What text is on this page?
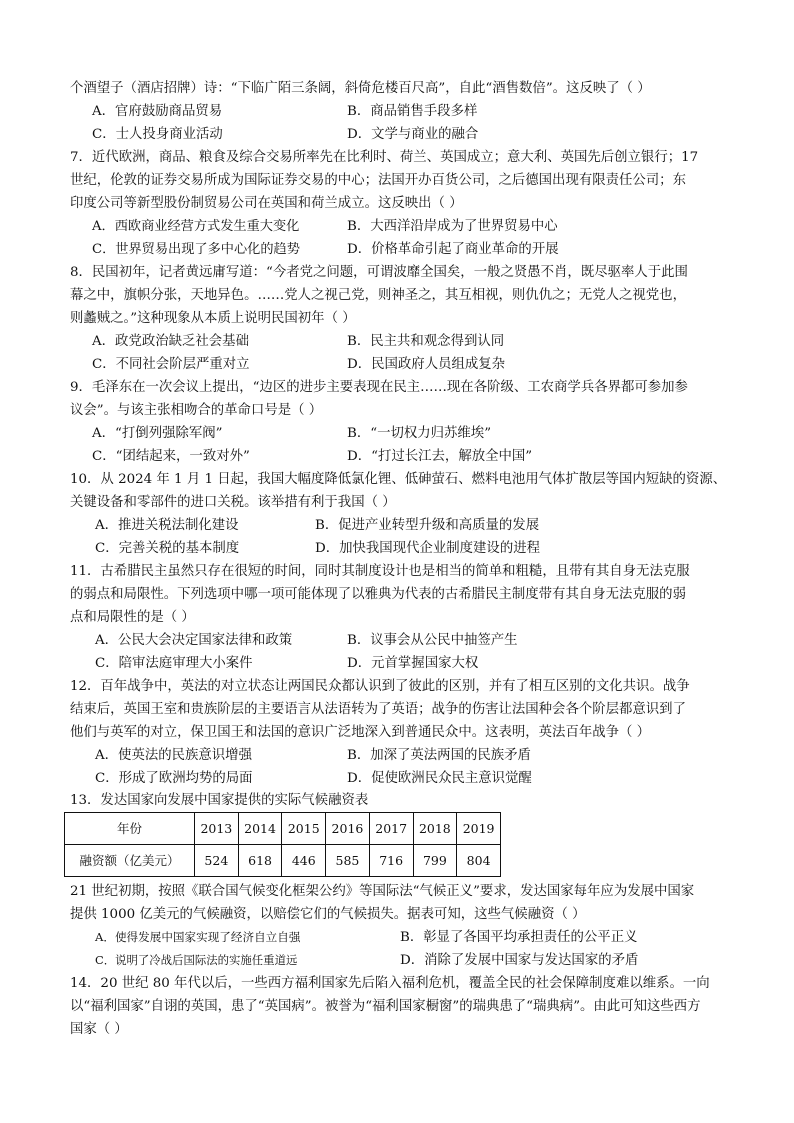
个酒望子（酒店招牌）诗：“下临广陌三条阔，斜倚危楼百尺高”，自此“酒售数倍”。这反映了（ ）
A．官府鼓励商品贸易	B．商品销售手段多样
C．士人投身商业活动	D．文学与商业的融合
7．近代欧洲，商品、粮食及综合交易所率先在比利时、荷兰、英国成立；意大利、英国先后创立银行；17
世纪，伦敦的证券交易所成为国际证券交易的中心；法国开办百货公司，之后德国出现有限责任公司；东
印度公司等新型股份制贸易公司在英国和荷兰成立。这反映出（ ）
A．西欧商业经营方式发生重大变化	B．大西洋沿岸成为了世界贸易中心
C．世界贸易出现了多中心化的趋势	D．价格革命引起了商业革命的开展
8．民国初年，记者黄远庸写道：“今者党之问题，可谓波靡全国矣，一般之贤愚不肖，既尽驱率人于此围
幕之中，旗帜分张，天地异色。……党人之视己党，则神圣之，其互相视，则仇仇之；无党人之视党也，
则蠡贼之。”这种现象从本质上说明民国初年（ ）
A．政党政治缺乏社会基础	B．民主共和观念得到认同
C．不同社会阶层严重对立	D．民国政府人员组成复杂
9．毛泽东在一次会议上提出，“边区的进步主要表现在民主……现在各阶级、工农商学兵各界都可参加参
议会”。与该主张相吻合的革命口号是（ ）
A．“打倒列强除军阀”	B．“一切权力归苏维埃”
C．“团结起来，一致对外”	D．“打过长江去，解放全中国”
10．从 2024 年 1 月 1 日起，我国大幅度降低氯化锂、低砷萤石、燃料电池用气体扩散层等国内短缺的资源、
关键设备和零部件的进口关税。该举措有利于我国（ ）
A．推进关税法制化建设	B．促进产业转型升级和高质量的发展
C．完善关税的基本制度	D．加快我国现代企业制度建设的进程
11．古希腊民主虽然只存在很短的时间，同时其制度设计也是相当的简单和粗糙，且带有其自身无法克服
的弱点和局限性。下列选项中哪一项可能体现了以雅典为代表的古希腊民主制度带有其自身无法克服的弱
点和局限性的是（ ）
A．公民大会决定国家法律和政策	B．议事会从公民中抽签产生
C．陪审法庭审理大小案件	D．元首掌握国家大权
12．百年战争中，英法的对立状态让两国民众都认识到了彼此的区别，并有了相互区别的文化共识。战争
结束后，英国王室和贵族阶层的主要语言从法语转为了英语；战争的伤害让法国种会各个阶层都意识到了
他们与英军的对立，保卫国王和法国的意识广泛地深入到普通民众中。这表明，英法百年战争（ ）
A．使英法的民族意识增强	B．加深了英法两国的民族矛盾
C．形成了欧洲均势的局面	D．促使欧洲民众民主意识觉醒
13．发达国家向发展中国家提供的实际气候融资表
年份	2013	2014	2015	2016	2017	2018	2019
融资额（亿美元）	524	618	446	585	716	799	804
21 世纪初期，按照《联合国气候变化框架公约》等国际法“气候正义”要求，发达国家每年应为发展中国家
提供 1000 亿美元的气候融资，以赔偿它们的气候损失。据表可知，这些气候融资（ ）
A．使得发展中国家实现了经济自立自强	B．彰显了各国平均承担责任的公平正义
C．说明了冷战后国际法的实施任重道远	D．消除了发展中国家与发达国家的矛盾
14．20 世纪 80 年代以后，一些西方福利国家先后陷入福利危机，覆盖全民的社会保障制度难以维系。一向
以“福利国家”自诩的英国，患了“英国病”。被誉为“福利国家橱窗”的瑞典患了“瑞典病”。由此可知这些西方
国家（ ）
